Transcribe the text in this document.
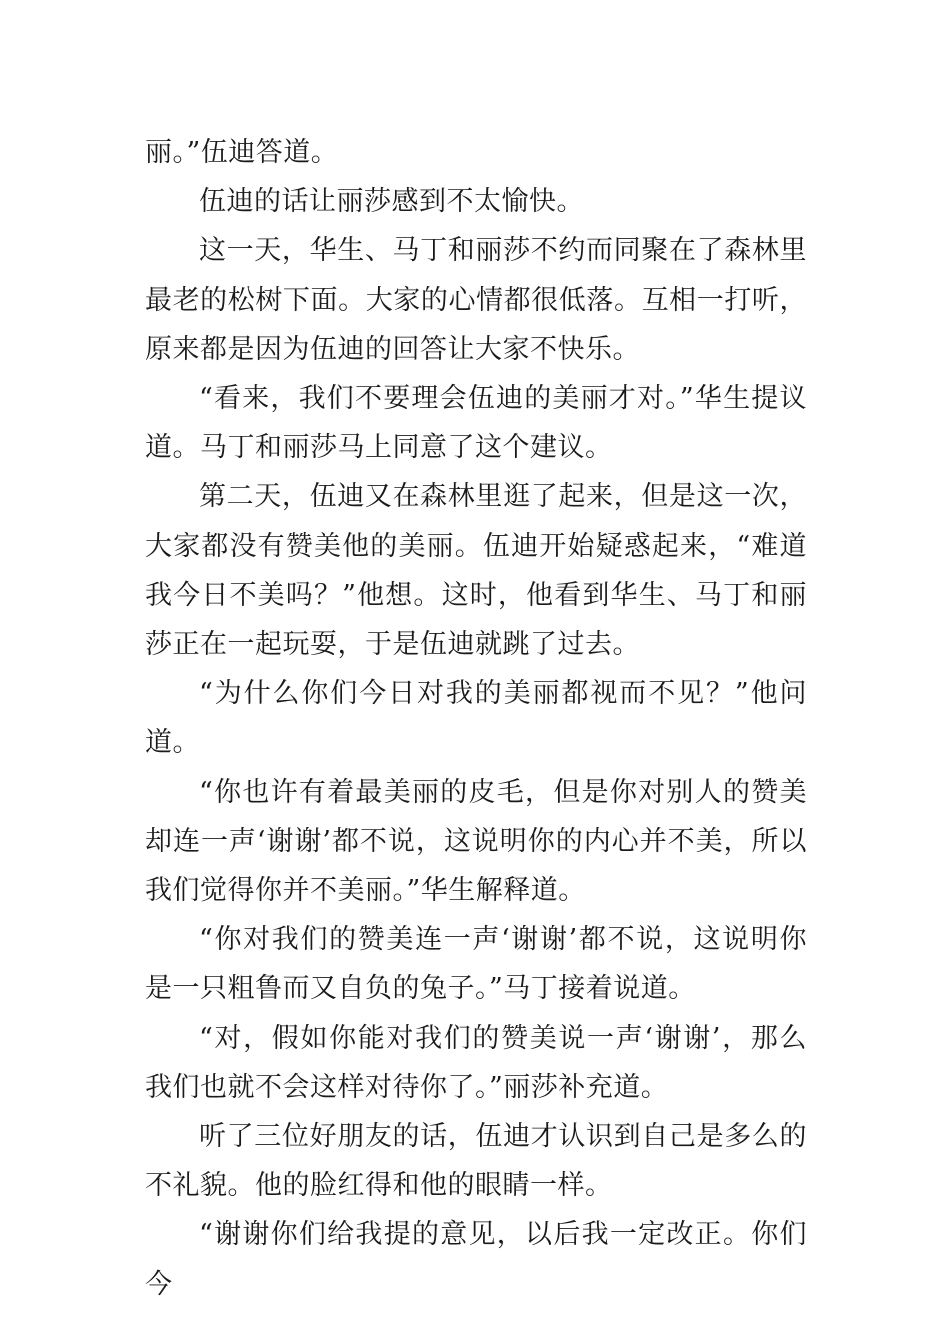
丽。”伍迪答道。

伍迪的话让丽莎感到不太愉快。

这一天，华生、马丁和丽莎不约而同聚在了森林里最老的松树下面。大家的心情都很低落。互相一打听，原来都是因为伍迪的回答让大家不快乐。

“看来，我们不要理会伍迪的美丽才对。”华生提议道。马丁和丽莎马上同意了这个建议。

第二天，伍迪又在森林里逛了起来，但是这一次，大家都没有赞美他的美丽。伍迪开始疑惑起来，“难道我今日不美吗？”他想。这时，他看到华生、马丁和丽莎正在一起玩耍，于是伍迪就跳了过去。

“为什么你们今日对我的美丽都视而不见？”他问道。

“你也许有着最美丽的皮毛，但是你对别人的赞美却连一声‘谢谢’都不说，这说明你的内心并不美，所以我们觉得你并不美丽。”华生解释道。

“你对我们的赞美连一声‘谢谢’都不说，这说明你是一只粗鲁而又自负的兔子。”马丁接着说道。

“对，假如你能对我们的赞美说一声‘谢谢’，那么我们也就不会这样对待你了。”丽莎补充道。

听了三位好朋友的话，伍迪才认识到自己是多么的不礼貌。他的脸红得和他的眼睛一样。

“谢谢你们给我提的意见，以后我一定改正。你们今
